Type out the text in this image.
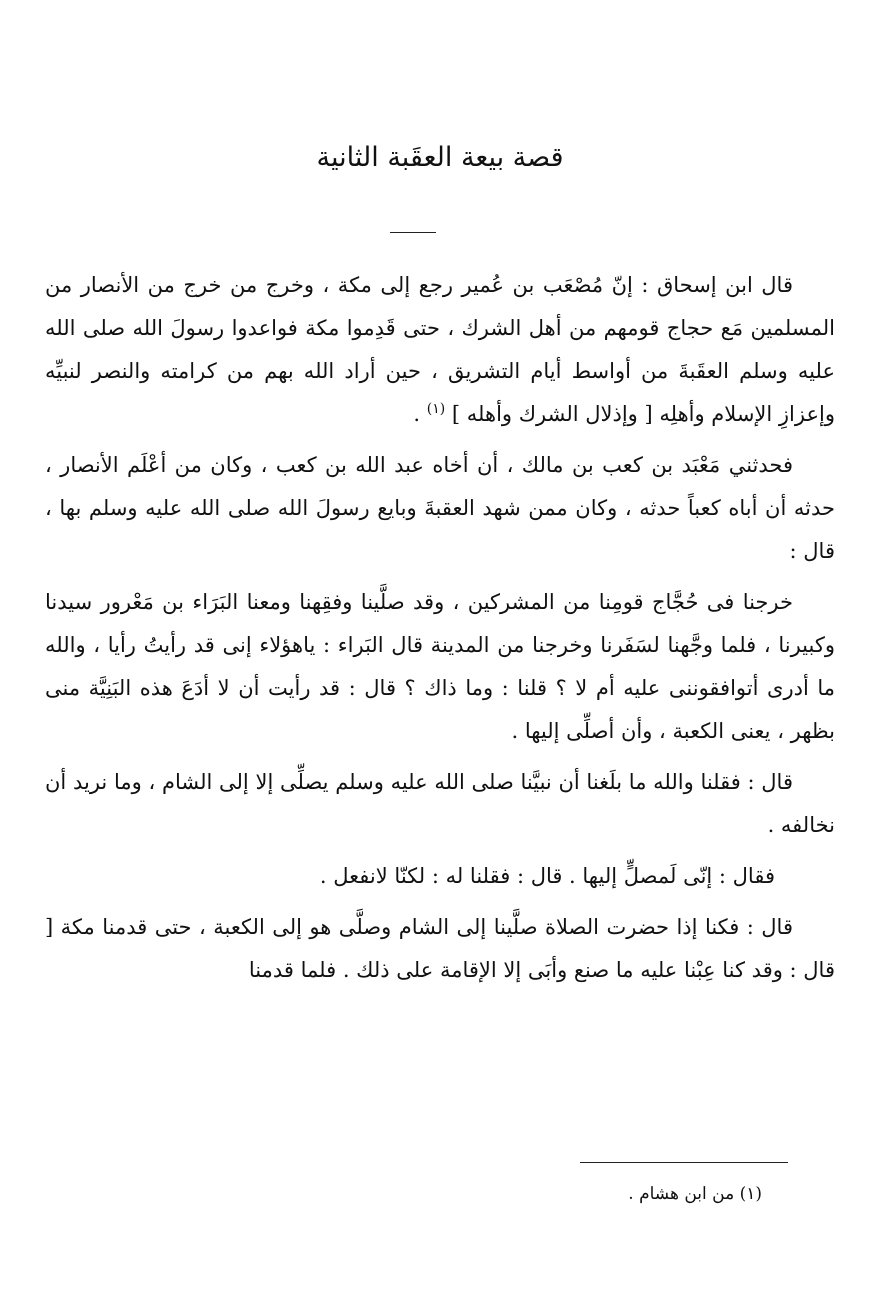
قصة بيعة العقَبة الثانية

قال ابن إسحاق : إنّ مُصْعَب بن عُمير رجع إلى مكة ، وخرج من خرج من الأنصار من المسلمين مَع حجاج قومهم من أهل الشرك ، حتى قَدِموا مكة فواعدوا رسولَ الله صلى الله عليه وسلم العقَبةَ من أواسط أيام التشريق ، حين أراد الله بهم من كرامته والنصر لنبيِّه وإعزازِ الإسلام وأهلِه [ وإذلال الشرك وأهله ] $^{(١)}$ .

فحدثني مَعْبَد بن كعب بن مالك ، أن أخاه عبد الله بن كعب ، وكان من أعْلَم الأنصار ، حدثه أن أباه كعباً حدثه ، وكان ممن شهد العقبةَ وبايع رسولَ الله صلى الله عليه وسلم بها ، قال :

خرجنا فى حُجَّاج قومِنا من المشركين ، وقد صلَّينا وفقِهنا ومعنا البَرَاء بن مَعْرور سيدنا وكبيرنا ، فلما وجَّهنا لسَفَرنا وخرجنا من المدينة قال البَراء : ياهؤلاء إنى قد رأيتُ رأيا ، والله ما أدرى أتوافقوننى عليه أم لا ؟ قلنا : وما ذاك ؟ قال : قد رأيت أن لا أدَعَ هذه البَنِيَّة منى بظهر ، يعنى الكعبة ، وأن أصلِّى إليها .

قال : فقلنا والله ما بلَغنا أن نبيَّنا صلى الله عليه وسلم يصلِّى إلا إلى الشام ، وما نريد أن نخالفه .

فقال : إنّى لَمصلٍّ إليها . قال : فقلنا له : لكنّا لانفعل .

قال : فكنا إذا حضرت الصلاة صلَّينا إلى الشام وصلَّى هو إلى الكعبة ، حتى قدمنا مكة [ قال : وقد كنا عِبْنا عليه ما صنع وأبَى إلا الإقامة على ذلك . فلما قدمنا

(١) من ابن هشام .
